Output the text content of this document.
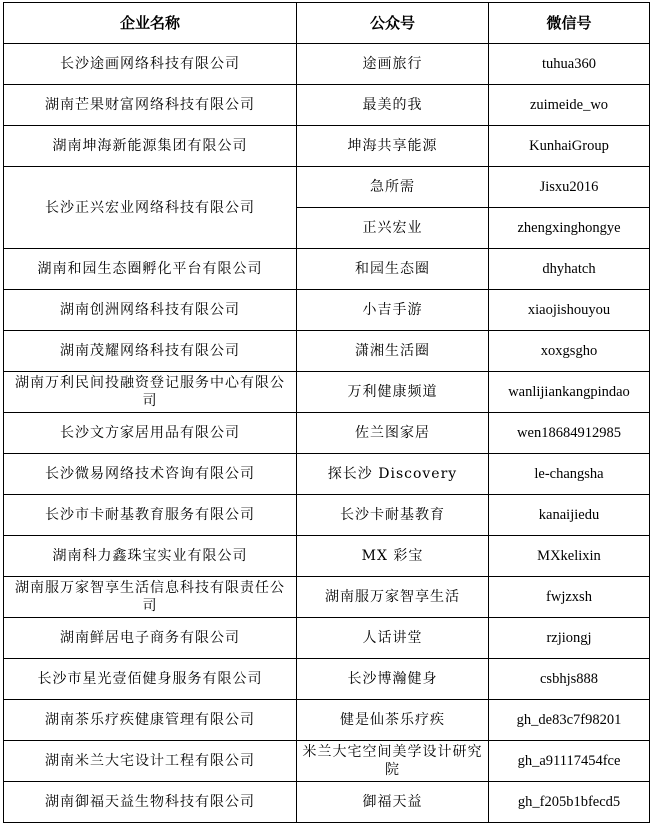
企业名称	公众号	微信号
长沙途画网络科技有限公司	途画旅行	tuhua360
湖南芒果财富网络科技有限公司	最美的我	zuimeide_wo
湖南坤海新能源集团有限公司	坤海共享能源	KunhaiGroup
长沙正兴宏业网络科技有限公司	急所需	Jisxu2016
	正兴宏业	zhengxinghongye
湖南和园生态圈孵化平台有限公司	和园生态圈	dhyhatch
湖南创洲网络科技有限公司	小吉手游	xiaojishouyou
湖南茂耀网络科技有限公司	潇湘生活圈	xoxgsgho
湖南万利民间投融资登记服务中心有限公司	万利健康频道	wanlijiankangpindao
长沙文方家居用品有限公司	佐兰图家居	wen18684912985
长沙微易网络技术咨询有限公司	探长沙 Discovery	le-changsha
长沙市卡耐基教育服务有限公司	长沙卡耐基教育	kanaijiedu
湖南科力鑫珠宝实业有限公司	MX 彩宝	MXkelixin
湖南服万家智享生活信息科技有限责任公司	湖南服万家智享生活	fwjzxsh
湖南鲜居电子商务有限公司	人话讲堂	rzjiongj
长沙市星光壹佰健身服务有限公司	长沙博瀚健身	csbhjs888
湖南茶乐疗疾健康管理有限公司	健是仙茶乐疗疾	gh_de83c7f98201
湖南米兰大宅设计工程有限公司	米兰大宅空间美学设计研究院	gh_a91117454fce
湖南御福天益生物科技有限公司	御福天益	gh_f205b1bfecd5
